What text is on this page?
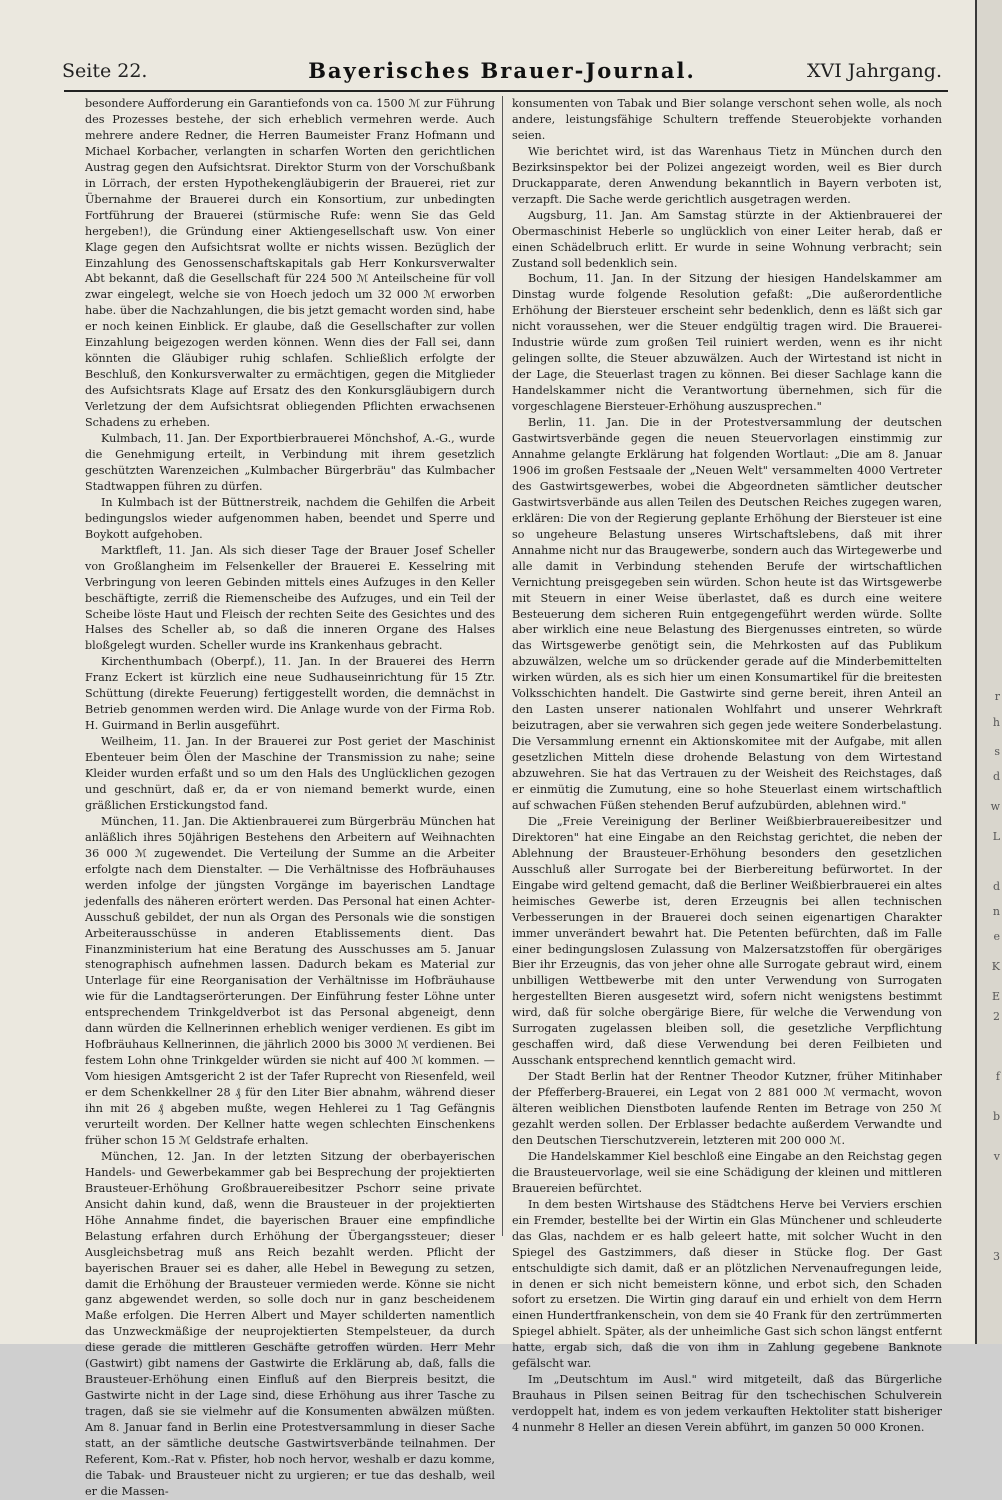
Seite 22.	Bayerisches Brauer-Journal.	XVI Jahrgang.

besondere Aufforderung ein Garantiefonds von ca. 1500 ℳ zur Führung des Prozesses bestehe, der sich erheblich vermehren werde. Auch mehrere andere Redner, die Herren Baumeister Franz Hofmann und Michael Korbacher, verlangten in scharfen Worten den gerichtlichen Austrag gegen den Aufsichtsrat. Direktor Sturm von der Vorschußbank in Lörrach, der ersten Hypothekengläubigerin der Brauerei, riet zur Übernahme der Brauerei durch ein Konsortium, zur unbedingten Fortführung der Brauerei (stürmische Rufe: wenn Sie das Geld hergeben!), die Gründung einer Aktiengesellschaft usw. Von einer Klage gegen den Aufsichtsrat wollte er nichts wissen. Bezüglich der Einzahlung des Genossenschaftskapitals gab Herr Konkursverwalter Abt bekannt, daß die Gesellschaft für 224 500 ℳ Anteilscheine für voll zwar eingelegt, welche sie von Hoech jedoch um 32 000 ℳ erworben habe. über die Nachzahlungen, die bis jetzt gemacht worden sind, habe er noch keinen Einblick. Er glaube, daß die Gesellschafter zur vollen Einzahlung beigezogen werden können. Wenn dies der Fall sei, dann könnten die Gläubiger ruhig schlafen. Schließlich erfolgte der Beschluß, den Konkursverwalter zu ermächtigen, gegen die Mitglieder des Aufsichtsrats Klage auf Ersatz des den Konkursgläubigern durch Verletzung der dem Aufsichtsrat obliegenden Pflichten erwachsenen Schadens zu erheben.

Kulmbach, 11. Jan. Der Exportbierbrauerei Mönchshof, A.-G., wurde die Genehmigung erteilt, in Verbindung mit ihrem gesetzlich geschützten Warenzeichen „Kulmbacher Bürgerbräu" das Kulmbacher Stadtwappen führen zu dürfen.

In Kulmbach ist der Büttnerstreik, nachdem die Gehilfen die Arbeit bedingungslos wieder aufgenommen haben, beendet und Sperre und Boykott aufgehoben.

Marktfleft, 11. Jan. Als sich dieser Tage der Brauer Josef Scheller von Großlangheim im Felsenkeller der Brauerei E. Kesselring mit Verbringung von leeren Gebinden mittels eines Aufzuges in den Keller beschäftigte, zerriß die Riemenscheibe des Aufzuges, und ein Teil der Scheibe löste Haut und Fleisch der rechten Seite des Gesichtes und des Halses des Scheller ab, so daß die inneren Organe des Halses bloßgelegt wurden. Scheller wurde ins Krankenhaus gebracht.

Kirchenthumbach (Oberpf.), 11. Jan. In der Brauerei des Herrn Franz Eckert ist kürzlich eine neue Sudhauseinrichtung für 15 Ztr. Schüttung (direkte Feuerung) fertiggestellt worden, die demnächst in Betrieb genommen werden wird. Die Anlage wurde von der Firma Rob. H. Guirmand in Berlin ausgeführt.

Weilheim, 11. Jan. In der Brauerei zur Post geriet der Maschinist Ebenteuer beim Ölen der Maschine der Transmission zu nahe; seine Kleider wurden erfaßt und so um den Hals des Unglücklichen gezogen und geschnürt, daß er, da er von niemand bemerkt wurde, einen gräßlichen Erstickungstod fand.

München, 11. Jan. Die Aktienbrauerei zum Bürgerbräu München hat anläßlich ihres 50jährigen Bestehens den Arbeitern auf Weihnachten 36 000 ℳ zugewendet. Die Verteilung der Summe an die Arbeiter erfolgte nach dem Dienstalter. — Die Verhältnisse des Hofbräuhauses werden infolge der jüngsten Vorgänge im bayerischen Landtage jedenfalls des näheren erörtert werden. Das Personal hat einen Achter-Ausschuß gebildet, der nun als Organ des Personals wie die sonstigen Arbeiterausschüsse in anderen Etablissements dient. Das Finanzministerium hat eine Beratung des Ausschusses am 5. Januar stenographisch aufnehmen lassen. Dadurch bekam es Material zur Unterlage für eine Reorganisation der Verhältnisse im Hofbräuhause wie für die Landtagserörterungen. Der Einführung fester Löhne unter entsprechendem Trinkgeldverbot ist das Personal abgeneigt, denn dann würden die Kellnerinnen erheblich weniger verdienen. Es gibt im Hofbräuhaus Kellnerinnen, die jährlich 2000 bis 3000 ℳ verdienen. Bei festem Lohn ohne Trinkgelder würden sie nicht auf 400 ℳ kommen. — Vom hiesigen Amtsgericht 2 ist der Tafer Ruprecht von Riesenfeld, weil er dem Schenkkellner 28 ₰ für den Liter Bier abnahm, während dieser ihn mit 26 ₰ abgeben mußte, wegen Hehlerei zu 1 Tag Gefängnis verurteilt worden. Der Kellner hatte wegen schlechten Einschenkens früher schon 15 ℳ Geldstrafe erhalten.

München, 12. Jan. In der letzten Sitzung der oberbayerischen Handels- und Gewerbekammer gab bei Besprechung der projektierten Brausteuer-Erhöhung Großbrauereibesitzer Pschorr seine private Ansicht dahin kund, daß, wenn die Brausteuer in der projektierten Höhe Annahme findet, die bayerischen Brauer eine empfindliche Belastung erfahren durch Erhöhung der Übergangssteuer; dieser Ausgleichsbetrag muß ans Reich bezahlt werden. Pflicht der bayerischen Brauer sei es daher, alle Hebel in Bewegung zu setzen, damit die Erhöhung der Brausteuer vermieden werde. Könne sie nicht ganz abgewendet werden, so solle doch nur in ganz bescheidenem Maße erfolgen. Die Herren Albert und Mayer schilderten namentlich das Unzweckmäßige der neuprojektierten Stempelsteuer, da durch diese gerade die mittleren Geschäfte getroffen würden. Herr Mehr (Gastwirt) gibt namens der Gastwirte die Erklärung ab, daß, falls die Brausteuer-Erhöhung einen Einfluß auf den Bierpreis besitzt, die Gastwirte nicht in der Lage sind, diese Erhöhung aus ihrer Tasche zu tragen, daß sie sie vielmehr auf die Konsumenten abwälzen müßten. Am 8. Januar fand in Berlin eine Protestversammlung in dieser Sache statt, an der sämtliche deutsche Gastwirtsverbände teilnahmen. Der Referent, Kom.-Rat v. Pfister, hob noch hervor, weshalb er dazu komme, die Tabak- und Brausteuer nicht zu urgieren; er tue das deshalb, weil er die Massen-

konsumenten von Tabak und Bier solange verschont sehen wolle, als noch andere, leistungsfähige Schultern treffende Steuerobjekte vorhanden seien.

Wie berichtet wird, ist das Warenhaus Tietz in München durch den Bezirksinspektor bei der Polizei angezeigt worden, weil es Bier durch Druckapparate, deren Anwendung bekanntlich in Bayern verboten ist, verzapft. Die Sache werde gerichtlich ausgetragen werden.

Augsburg, 11. Jan. Am Samstag stürzte in der Aktienbrauerei der Obermaschinist Heberle so unglücklich von einer Leiter herab, daß er einen Schädelbruch erlitt. Er wurde in seine Wohnung verbracht; sein Zustand soll bedenklich sein.

Bochum, 11. Jan. In der Sitzung der hiesigen Handelskammer am Dinstag wurde folgende Resolution gefaßt: „Die außerordentliche Erhöhung der Biersteuer erscheint sehr bedenklich, denn es läßt sich gar nicht voraussehen, wer die Steuer endgültig tragen wird. Die Brauerei-Industrie würde zum großen Teil ruiniert werden, wenn es ihr nicht gelingen sollte, die Steuer abzuwälzen. Auch der Wirtestand ist nicht in der Lage, die Steuerlast tragen zu können. Bei dieser Sachlage kann die Handelskammer nicht die Verantwortung übernehmen, sich für die vorgeschlagene Biersteuer-Erhöhung auszusprechen."

Berlin, 11. Jan. Die in der Protestversammlung der deutschen Gastwirtsverbände gegen die neuen Steuervorlagen einstimmig zur Annahme gelangte Erklärung hat folgenden Wortlaut: „Die am 8. Januar 1906 im großen Festsaale der „Neuen Welt" versammelten 4000 Vertreter des Gastwirtsgewerbes, wobei die Abgeordneten sämtlicher deutscher Gastwirtsverbände aus allen Teilen des Deutschen Reiches zugegen waren, erklären: Die von der Regierung geplante Erhöhung der Biersteuer ist eine so ungeheure Belastung unseres Wirtschaftslebens, daß mit ihrer Annahme nicht nur das Braugewerbe, sondern auch das Wirtegewerbe und alle damit in Verbindung stehenden Berufe der wirtschaftlichen Vernichtung preisgegeben sein würden. Schon heute ist das Wirtsgewerbe mit Steuern in einer Weise überlastet, daß es durch eine weitere Besteuerung dem sicheren Ruin entgegengeführt werden würde. Sollte aber wirklich eine neue Belastung des Biergenusses eintreten, so würde das Wirtsgewerbe genötigt sein, die Mehrkosten auf das Publikum abzuwälzen, welche um so drückender gerade auf die Minderbemittelten wirken würden, als es sich hier um einen Konsumartikel für die breitesten Volksschichten handelt. Die Gastwirte sind gerne bereit, ihren Anteil an den Lasten unserer nationalen Wohlfahrt und unserer Wehrkraft beizutragen, aber sie verwahren sich gegen jede weitere Sonderbelastung. Die Versammlung ernennt ein Aktionskomitee mit der Aufgabe, mit allen gesetzlichen Mitteln diese drohende Belastung von dem Wirtestand abzuwehren. Sie hat das Vertrauen zu der Weisheit des Reichstages, daß er einmütig die Zumutung, eine so hohe Steuerlast einem wirtschaftlich auf schwachen Füßen stehenden Beruf aufzubürden, ablehnen wird."

Die „Freie Vereinigung der Berliner Weißbierbrauereibesitzer und Direktoren" hat eine Eingabe an den Reichstag gerichtet, die neben der Ablehnung der Brausteuer-Erhöhung besonders den gesetzlichen Ausschluß aller Surrogate bei der Bierbereitung befürwortet. In der Eingabe wird geltend gemacht, daß die Berliner Weißbierbrauerei ein altes heimisches Gewerbe ist, deren Erzeugnis bei allen technischen Verbesserungen in der Brauerei doch seinen eigenartigen Charakter immer unverändert bewahrt hat. Die Petenten befürchten, daß im Falle einer bedingungslosen Zulassung von Malzersatzstoffen für obergäriges Bier ihr Erzeugnis, das von jeher ohne alle Surrogate gebraut wird, einem unbilligen Wettbewerbe mit den unter Verwendung von Surrogaten hergestellten Bieren ausgesetzt wird, sofern nicht wenigstens bestimmt wird, daß für solche obergärige Biere, für welche die Verwendung von Surrogaten zugelassen bleiben soll, die gesetzliche Verpflichtung geschaffen wird, daß diese Verwendung bei deren Feilbieten und Ausschank entsprechend kenntlich gemacht wird.

Der Stadt Berlin hat der Rentner Theodor Kutzner, früher Mitinhaber der Pfefferberg-Brauerei, ein Legat von 2 881 000 ℳ vermacht, wovon älteren weiblichen Dienstboten laufende Renten im Betrage von 250 ℳ gezahlt werden sollen. Der Erblasser bedachte außerdem Verwandte und den Deutschen Tierschutzverein, letzteren mit 200 000 ℳ.

Die Handelskammer Kiel beschloß eine Eingabe an den Reichstag gegen die Brausteuervorlage, weil sie eine Schädigung der kleinen und mittleren Brauereien befürchtet.

In dem besten Wirtshause des Städtchens Herve bei Verviers erschien ein Fremder, bestellte bei der Wirtin ein Glas Münchener und schleuderte das Glas, nachdem er es halb geleert hatte, mit solcher Wucht in den Spiegel des Gastzimmers, daß dieser in Stücke flog. Der Gast entschuldigte sich damit, daß er an plötzlichen Nervenaufregungen leide, in denen er sich nicht bemeistern könne, und erbot sich, den Schaden sofort zu ersetzen. Die Wirtin ging darauf ein und erhielt von dem Herrn einen Hundertfrankenschein, von dem sie 40 Frank für den zertrümmerten Spiegel abhielt. Später, als der unheimliche Gast sich schon längst entfernt hatte, ergab sich, daß die von ihm in Zahlung gegebene Banknote gefälscht war.

Im „Deutschtum im Ausl." wird mitgeteilt, daß das Bürgerliche Brauhaus in Pilsen seinen Beitrag für den tschechischen Schulverein verdoppelt hat, indem es von jedem verkauften Hektoliter statt bisheriger 4 nunmehr 8 Heller an diesen Verein abführt, im ganzen 50 000 Kronen.

r
h
s
d
w
L
d
n
e
K
E
2
f
b
v
3
